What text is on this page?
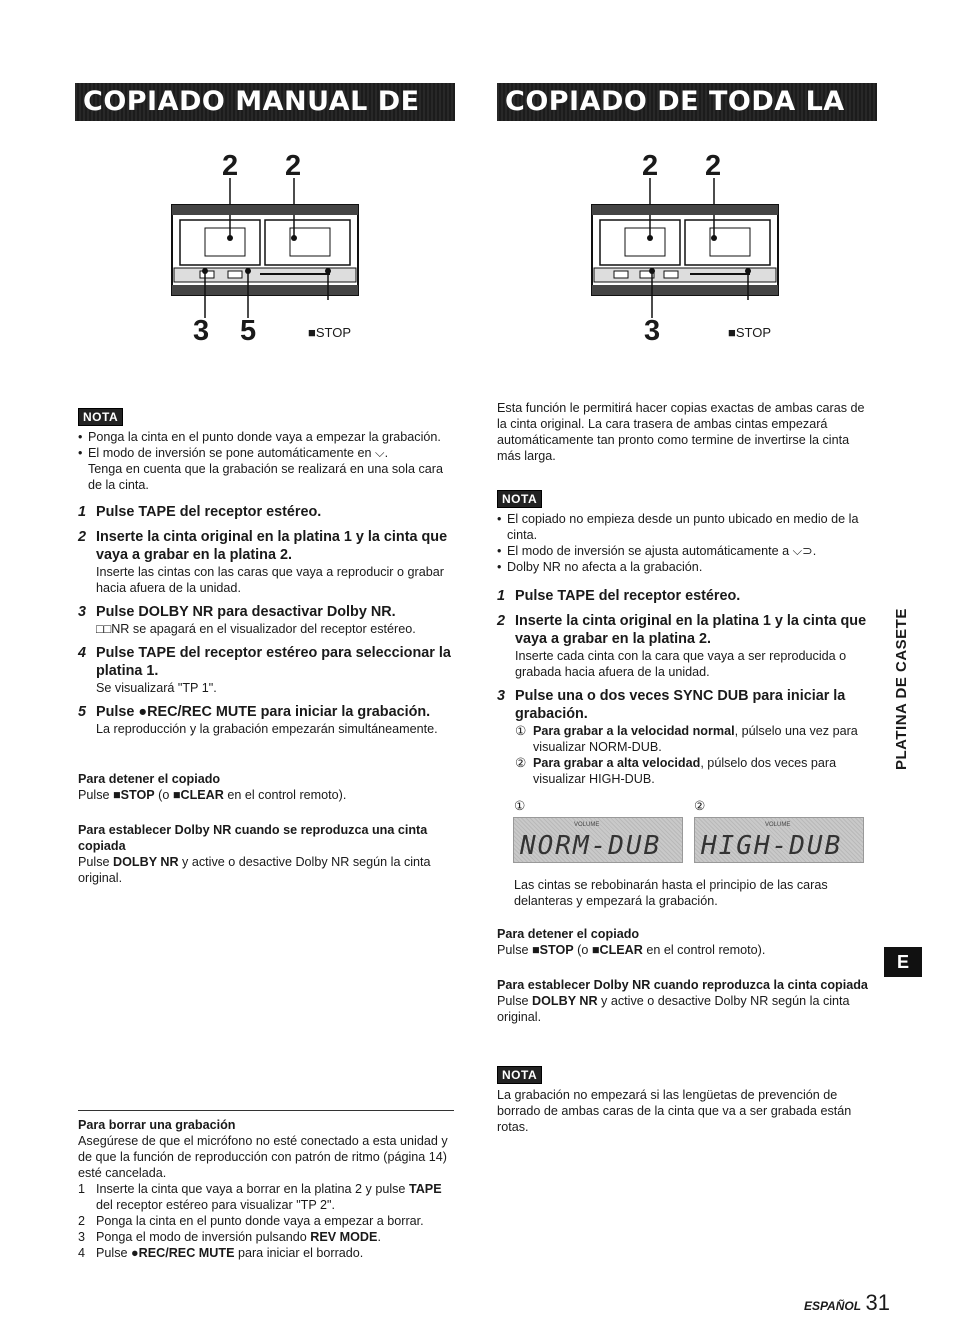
COPIADO MANUAL DE UNA CINTA
COPIADO DE TODA LA CINTA
2 2
3 5	■STOP
2 2
3	■STOP
NOTA
• Ponga la cinta en el punto donde vaya a empezar la grabación.
• El modo de inversión se pone automáticamente en ⌵.
Tenga en cuenta que la grabación se realizará en una sola cara de la cinta.
1 Pulse TAPE del receptor estéreo.
2 Inserte la cinta original en la platina 1 y la cinta que vaya a grabar en la platina 2.
Inserte las cintas con las caras que vaya a reproducir o grabar hacia afuera de la unidad.
3 Pulse DOLBY NR para desactivar Dolby NR.
□□NR se apagará en el visualizador del receptor estéreo.
4 Pulse TAPE del receptor estéreo para seleccionar la platina 1.
Se visualizará "TP 1".
5 Pulse ●REC/REC MUTE para iniciar la grabación.
La reproducción y la grabación empezarán simultáneamente.
Para detener el copiado
Pulse ■STOP (o ■CLEAR en el control remoto).
Para establecer Dolby NR cuando se reproduzca una cinta copiada
Pulse DOLBY NR y active o desactive Dolby NR según la cinta original.
Para borrar una grabación
Asegúrese de que el micrófono no esté conectado a esta unidad y de que la función de reproducción con patrón de ritmo (página 14) esté cancelada.
1 Inserte la cinta que vaya a borrar en la platina 2 y pulse TAPE del receptor estéreo para visualizar "TP 2".
2 Ponga la cinta en el punto donde vaya a empezar a borrar.
3 Ponga el modo de inversión pulsando REV MODE.
4 Pulse ●REC/REC MUTE para iniciar el borrado.
Esta función le permitirá hacer copias exactas de ambas caras de la cinta original. La cara trasera de ambas cintas empezará automáticamente tan pronto como termine de invertirse la cinta más larga.
NOTA
• El copiado no empieza desde un punto ubicado en medio de la cinta.
• El modo de inversión se ajusta automáticamente a ⌵⊃.
• Dolby NR no afecta a la grabación.
1 Pulse TAPE del receptor estéreo.
2 Inserte la cinta original en la platina 1 y la cinta que vaya a grabar en la platina 2.
Inserte cada cinta con la cara que vaya a ser reproducida o grabada hacia afuera de la unidad.
3 Pulse una o dos veces SYNC DUB para iniciar la grabación.
① Para grabar a la velocidad normal, púlselo una vez para visualizar NORM-DUB.
② Para grabar a alta velocidad, púlselo dos veces para visualizar HIGH-DUB.
①	②
VOLUME
NORM-DUB
VOLUME
HIGH-DUB
Las cintas se rebobinarán hasta el principio de las caras delanteras y empezará la grabación.
Para detener el copiado
Pulse ■STOP (o ■CLEAR en el control remoto).
Para establecer Dolby NR cuando reproduzca la cinta copiada
Pulse DOLBY NR y active o desactive Dolby NR según la cinta original.
NOTA
La grabación no empezará si las lengüetas de prevención de borrado de ambas caras de la cinta que va a ser grabada están rotas.
PLATINA DE CASETE
E
ESPAÑOL 31
